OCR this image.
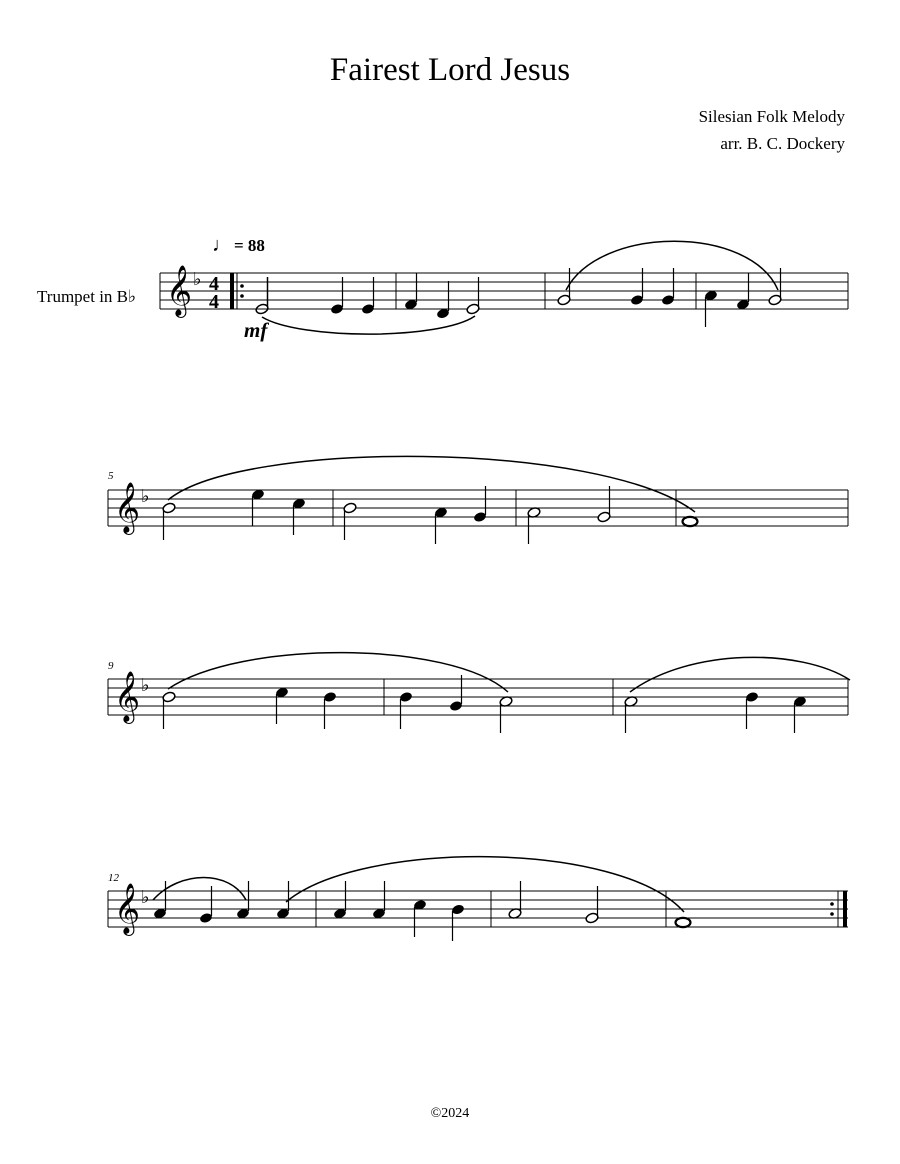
Fairest Lord Jesus
Silesian Folk Melody
arr. B. C. Dockery
Trumpet in B♭
♩ = 88
mf
5
9
12
©2024
𝄞 ♭ 4
4
𝄞 ♭
𝄞 ♭
𝄞 ♭
